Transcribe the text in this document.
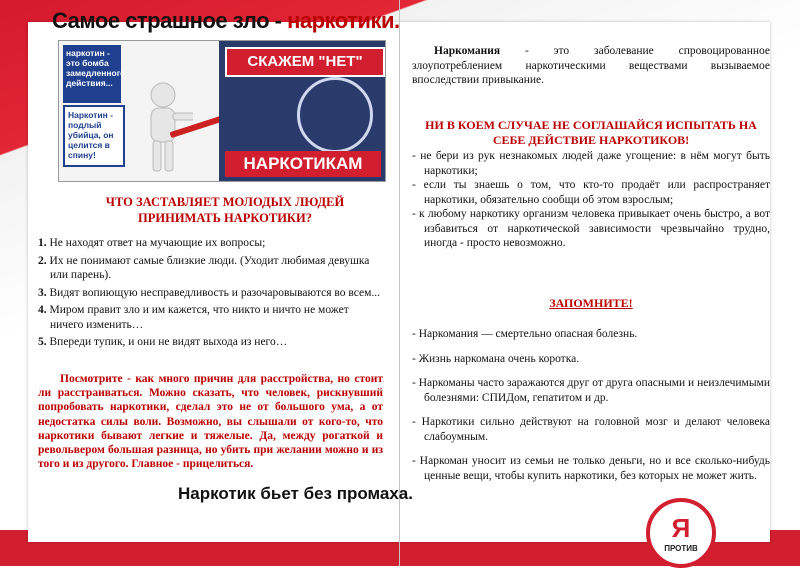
Самое страшное зло - наркотики.
наркотин - это бомба замедленного действия...
Наркотин - подлый убийца, он целится в спину!
СКАЖЕМ "НЕТ"
НАРКОТИКАМ
ЧТО ЗАСТАВЛЯЕТ МОЛОДЫХ ЛЮДЕЙ ПРИНИМАТЬ НАРКОТИКИ?
1. Не находят ответ на мучающие их вопросы;
2. Их не понимают самые близкие люди. (Уходит любимая девушка или парень).
3. Видят вопиющую несправедливость и разочаровываются во всем...
4. Миром правит зло и им кажется, что никто и ничто не может ничего изменить…
5. Впереди тупик, и они не видят выхода из него…
Посмотрите - как много причин для расстройства, но стоит ли расстраиваться. Можно сказать, что человек, рискнувший попробовать наркотики, сделал это не от большого ума, а от недостатка силы воли. Возможно, вы слышали от кого-то, что наркотики бывают легкие и тяжелые. Да, между рогаткой и револьвером большая разница, но убить при желании можно и из того и из другого. Главное - прицелиться.
Наркотик бьет без промаха.
Наркомания - это заболевание спровоцированное злоупотреблением наркотическими веществами вызываемое впоследствии привыкание.
НИ В КОЕМ СЛУЧАЕ НЕ СОГЛАШАЙСЯ ИСПЫТАТЬ НА СЕБЕ ДЕЙСТВИЕ НАРКОТИКОВ!
- не бери из рук незнакомых людей даже угощение: в нём могут быть наркотики;
- если ты знаешь о том, что кто-то продаёт или распространяет наркотики, обязательно сообщи об этом взрослым;
- к любому наркотику организм человека привыкает очень быстро, а вот избавиться от наркотической зависимости чрезвычайно трудно, иногда - просто невозможно.
ЗАПОМНИТЕ!
- Наркомания — смертельно опасная болезнь.
- Жизнь наркомана очень коротка.
- Наркоманы часто заражаются друг от друга опасными и неизлечимыми болезнями: СПИДом, гепатитом и др.
- Наркотики сильно действуют на головной мозг и делают человека слабоумным.
- Наркоман уносит из семьи не только деньги, но и все сколько-нибудь ценные вещи, чтобы купить наркотики, без которых не может жить.
Я
ПРОТИВ
